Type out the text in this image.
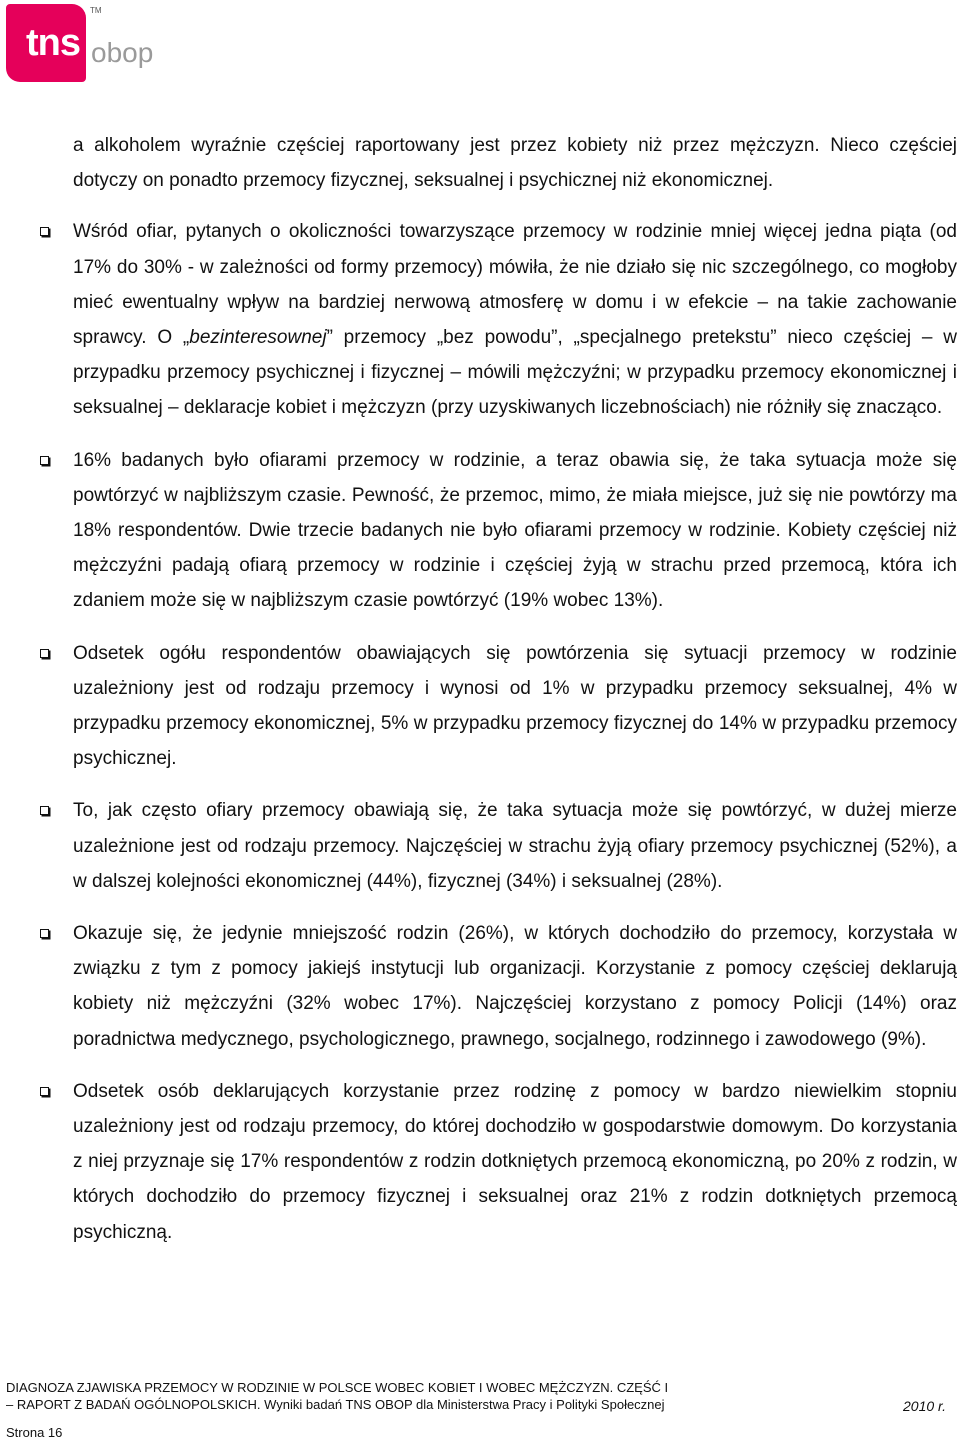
tns
TM
obop

a alkoholem wyraźnie częściej raportowany jest przez kobiety niż przez mężczyzn. Nieco częściej dotyczy on ponadto przemocy fizycznej, seksualnej i psychicznej niż ekonomicznej.

Wśród ofiar, pytanych o okoliczności towarzyszące przemocy w rodzinie mniej więcej jedna piąta (od 17% do 30% - w zależności od formy przemocy) mówiła, że nie działo się nic szczególnego, co mogłoby mieć ewentualny wpływ na bardziej nerwową atmosferę w domu i w efekcie – na takie zachowanie sprawcy. O „bezinteresownej” przemocy „bez powodu”, „specjalnego pretekstu” nieco częściej – w przypadku przemocy psychicznej i fizycznej – mówili mężczyźni; w przypadku przemocy ekonomicznej i seksualnej – deklaracje kobiet i mężczyzn (przy uzyskiwanych liczebnościach) nie różniły się znacząco.
16% badanych było ofiarami przemocy w rodzinie, a teraz obawia się, że taka sytuacja może się powtórzyć w najbliższym czasie. Pewność, że przemoc, mimo, że miała miejsce, już się nie powtórzy ma 18% respondentów. Dwie trzecie badanych nie było ofiarami przemocy w rodzinie. Kobiety częściej niż mężczyźni padają ofiarą przemocy w rodzinie i częściej żyją w strachu przed przemocą, która ich zdaniem może się w najbliższym czasie powtórzyć (19% wobec 13%).
Odsetek ogółu respondentów obawiających się powtórzenia się sytuacji przemocy w rodzinie uzależniony jest od rodzaju przemocy i wynosi od 1% w przypadku przemocy seksualnej, 4% w przypadku przemocy ekonomicznej, 5% w przypadku przemocy fizycznej do 14% w przypadku przemocy psychicznej.
To, jak często ofiary przemocy obawiają się, że taka sytuacja może się powtórzyć, w dużej mierze uzależnione jest od rodzaju przemocy. Najczęściej w strachu żyją ofiary przemocy psychicznej (52%), a w dalszej kolejności ekonomicznej (44%), fizycznej (34%) i seksualnej (28%).
Okazuje się, że jedynie mniejszość rodzin (26%), w których dochodziło do przemocy, korzystała w związku z tym z pomocy jakiejś instytucji lub organizacji. Korzystanie z pomocy częściej deklarują kobiety niż mężczyźni (32% wobec 17%). Najczęściej korzystano z pomocy Policji (14%) oraz poradnictwa medycznego, psychologicznego, prawnego, socjalnego, rodzinnego i zawodowego (9%).
Odsetek osób deklarujących korzystanie przez rodzinę z pomocy w bardzo niewielkim stopniu uzależniony jest od rodzaju przemocy, do której dochodziło w gospodarstwie domowym. Do korzystania z niej przyznaje się 17% respondentów z rodzin dotkniętych przemocą ekonomiczną, po 20% z rodzin, w których dochodziło do przemocy fizycznej i seksualnej oraz 21% z rodzin dotkniętych przemocą psychiczną.
DIAGNOZA ZJAWISKA PRZEMOCY W RODZINIE W POLSCE WOBEC KOBIET I WOBEC MĘŻCZYZN. CZĘŚĆ I
– RAPORT Z BADAŃ OGÓLNOPOLSKICH. Wyniki badań TNS OBOP dla Ministerstwa Pracy i Polityki Społecznej	2010 r.
Strona 16
